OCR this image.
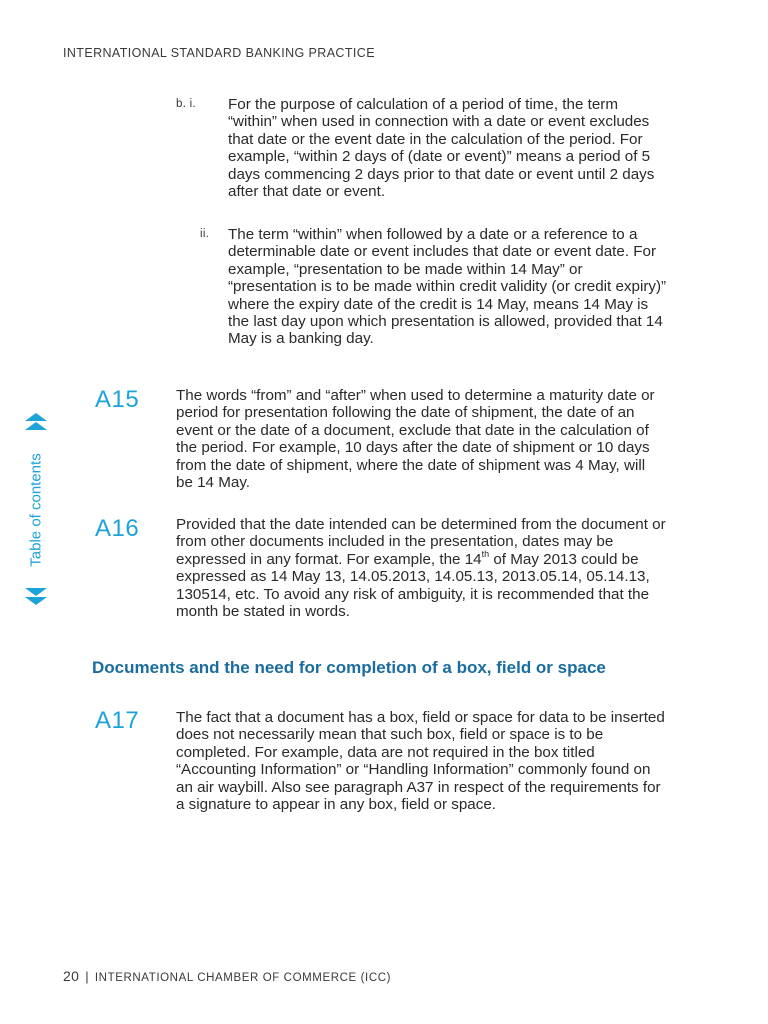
INTERNATIONAL STANDARD BANKING PRACTICE
b. i. For the purpose of calculation of a period of time, the term “within” when used in connection with a date or event excludes that date or the event date in the calculation of the period. For example, “within 2 days of (date or event)” means a period of 5 days commencing 2 days prior to that date or event until 2 days after that date or event.
ii. The term “within” when followed by a date or a reference to a determinable date or event includes that date or event date. For example, “presentation to be made within 14 May” or “presentation is to be made within credit validity (or credit expiry)” where the expiry date of the credit is 14 May, means 14 May is the last day upon which presentation is allowed, provided that 14 May is a banking day.
A15 The words “from” and “after” when used to determine a maturity date or period for presentation following the date of shipment, the date of an event or the date of a document, exclude that date in the calculation of the period. For example, 10 days after the date of shipment or 10 days from the date of shipment, where the date of shipment was 4 May, will be 14 May.
A16 Provided that the date intended can be determined from the document or from other documents included in the presentation, dates may be expressed in any format. For example, the 14th of May 2013 could be expressed as 14 May 13, 14.05.2013, 14.05.13, 2013.05.14, 05.14.13, 130514, etc. To avoid any risk of ambiguity, it is recommended that the month be stated in words.
Documents and the need for completion of a box, field or space
A17 The fact that a document has a box, field or space for data to be inserted does not necessarily mean that such box, field or space is to be completed. For example, data are not required in the box titled “Accounting Information” or “Handling Information” commonly found on an air waybill. Also see paragraph A37 in respect of the requirements for a signature to appear in any box, field or space.
Table of contents
20 | INTERNATIONAL CHAMBER OF COMMERCE (ICC)
